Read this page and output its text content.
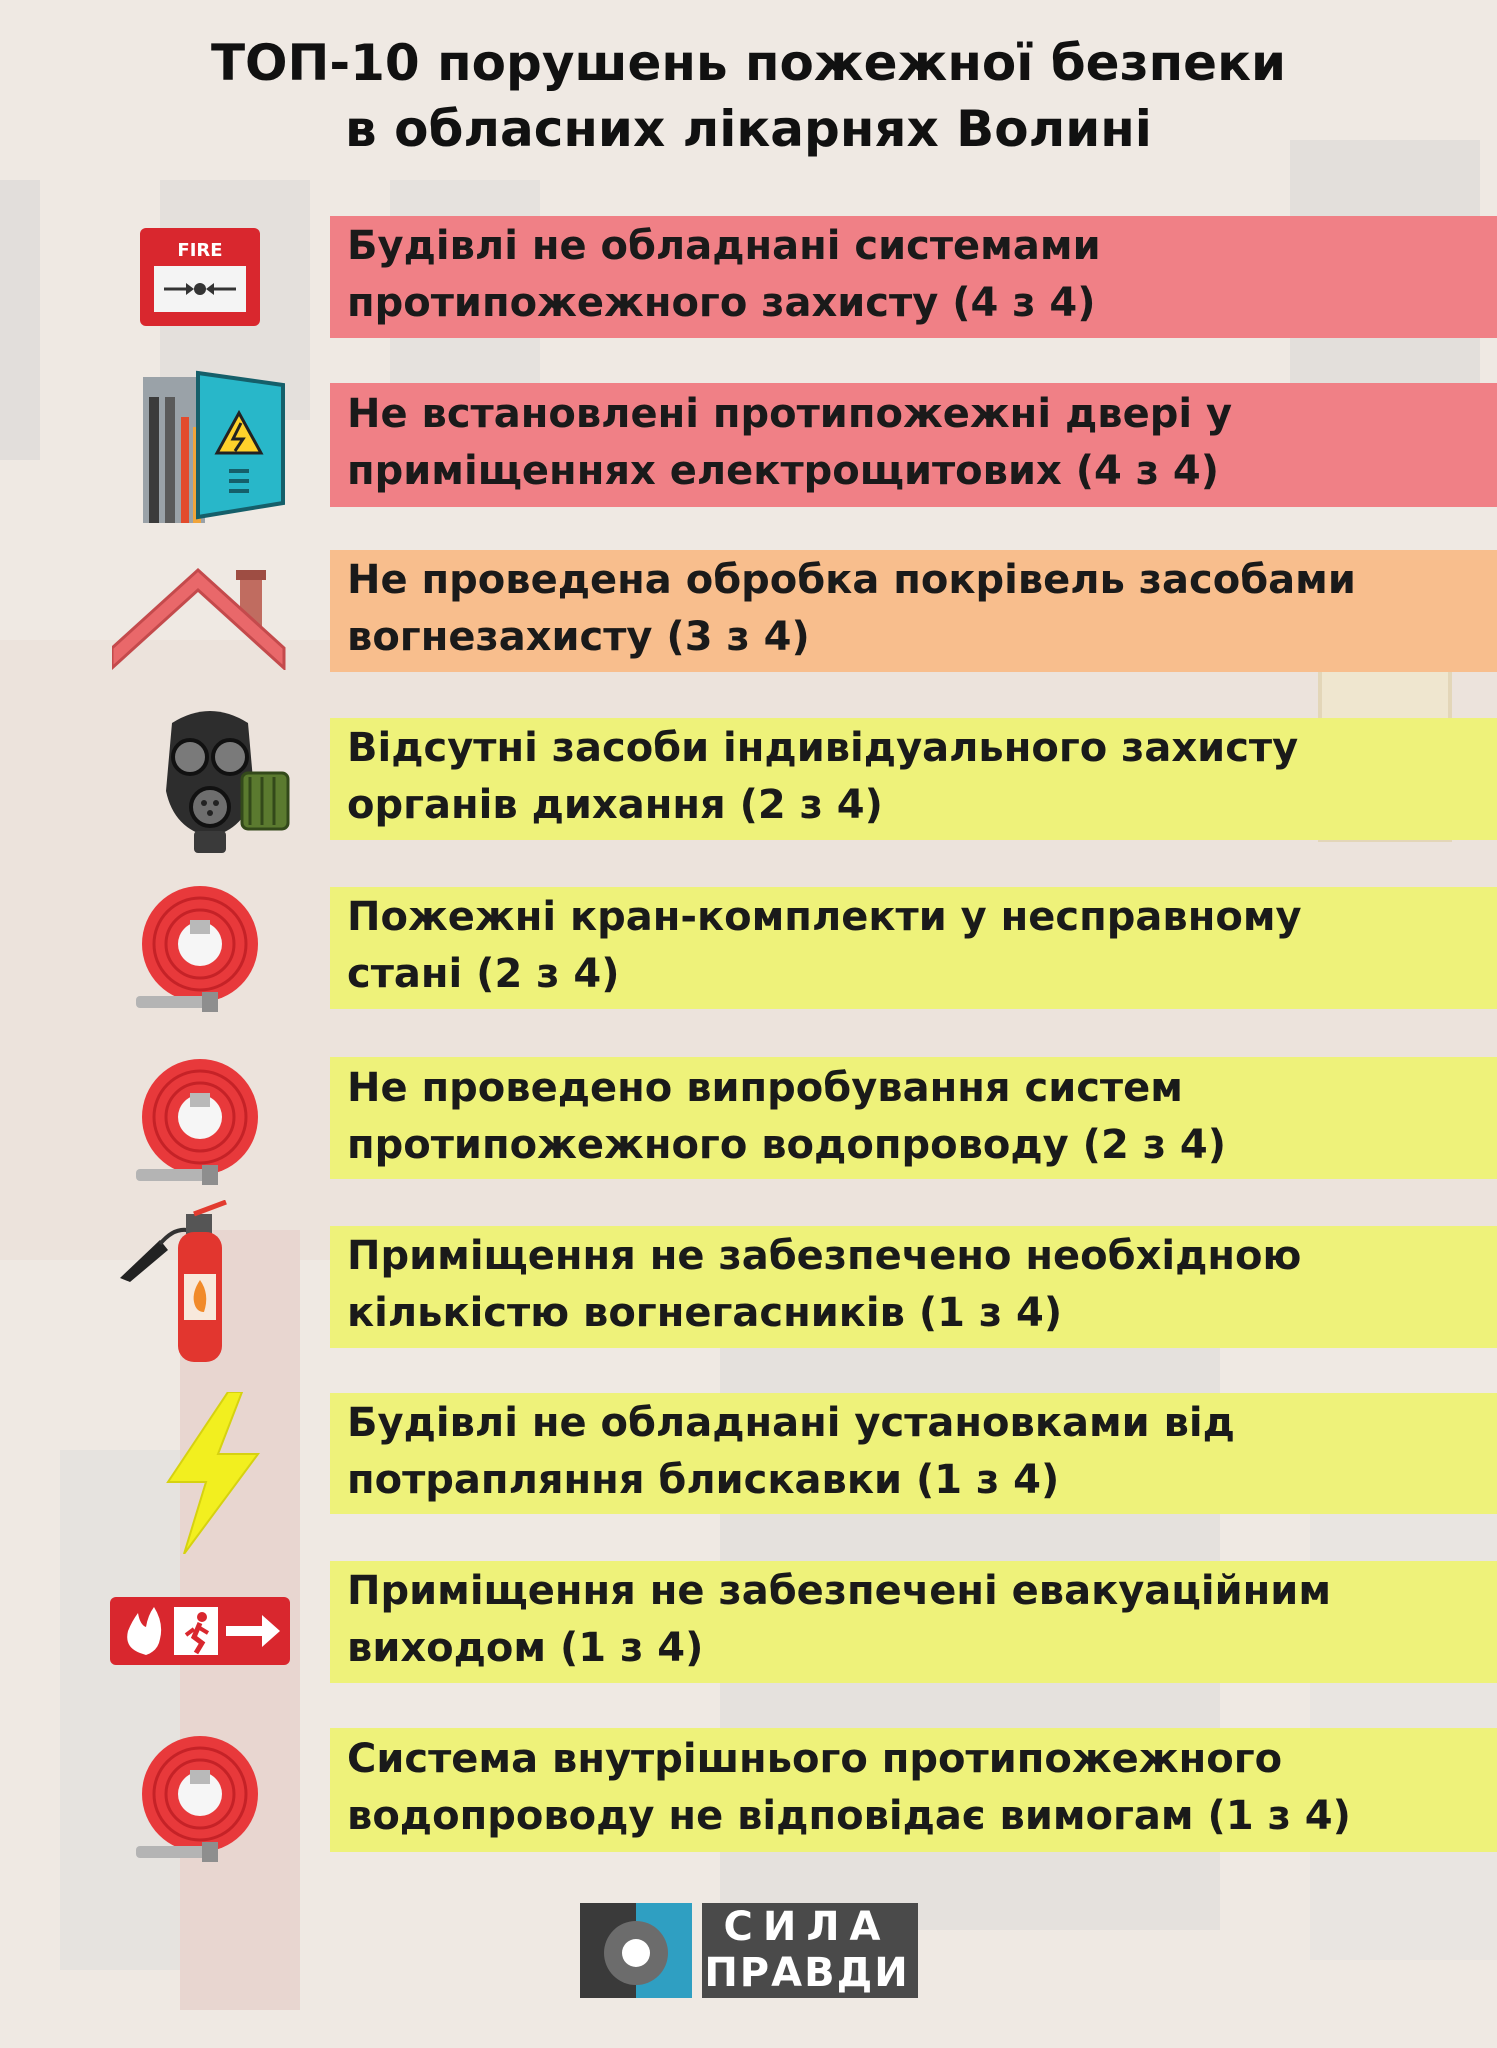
ТОП-10 порушень пожежної безпеки
в обласних лікарнях Волині
Будівлі не обладнані системами
протипожежного захисту (4 з 4)
FIRE
Не встановлені протипожежні двері у
приміщеннях електрощитових (4 з 4)
Не проведена обробка покрівель засобами
вогнезахисту (3 з 4)
Відсутні засоби індивідуального захисту
органів дихання (2 з 4)
Пожежні кран-комплекти у несправному
стані (2 з 4)
Не проведено випробування систем
протипожежного водопроводу (2 з 4)
Приміщення не забезпечено необхідною
кількістю вогнегасників (1 з 4)
Будівлі не обладнані установками від
потрапляння блискавки (1 з 4)
Приміщення не забезпечені евакуаційним
виходом (1 з 4)
Система внутрішнього протипожежного
водопроводу не відповідає вимогам (1 з 4)
СИЛА
ПРАВДИ
